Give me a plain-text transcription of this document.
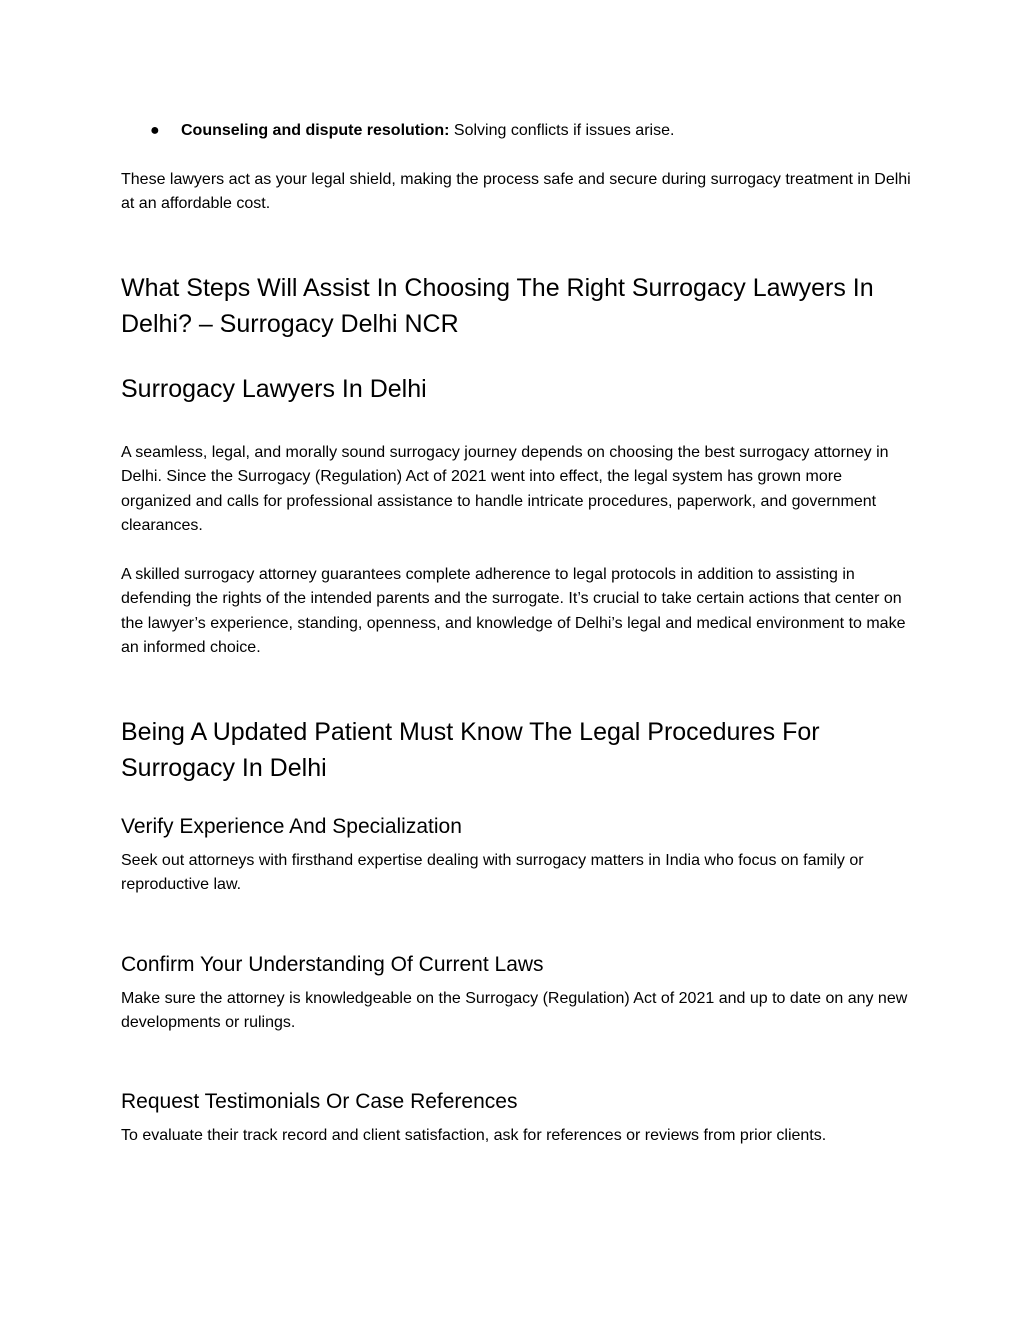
● Counseling and dispute resolution: Solving conflicts if issues arise.

These lawyers act as your legal shield, making the process safe and secure during surrogacy treatment in Delhi at an affordable cost.

What Steps Will Assist In Choosing The Right Surrogacy Lawyers In Delhi? – Surrogacy Delhi NCR
Surrogacy Lawyers In Delhi

A seamless, legal, and morally sound surrogacy journey depends on choosing the best surrogacy attorney in Delhi. Since the Surrogacy (Regulation) Act of 2021 went into effect, the legal system has grown more organized and calls for professional assistance to handle intricate procedures, paperwork, and government clearances.

A skilled surrogacy attorney guarantees complete adherence to legal protocols in addition to assisting in defending the rights of the intended parents and the surrogate. It’s crucial to take certain actions that center on the lawyer’s experience, standing, openness, and knowledge of Delhi’s legal and medical environment to make an informed choice.

Being A Updated Patient Must Know The Legal Procedures For Surrogacy In Delhi
Verify Experience And Specialization

Seek out attorneys with firsthand expertise dealing with surrogacy matters in India who focus on family or reproductive law.

Confirm Your Understanding Of Current Laws

Make sure the attorney is knowledgeable on the Surrogacy (Regulation) Act of 2021 and up to date on any new developments or rulings.

Request Testimonials Or Case References

To evaluate their track record and client satisfaction, ask for references or reviews from prior clients.
